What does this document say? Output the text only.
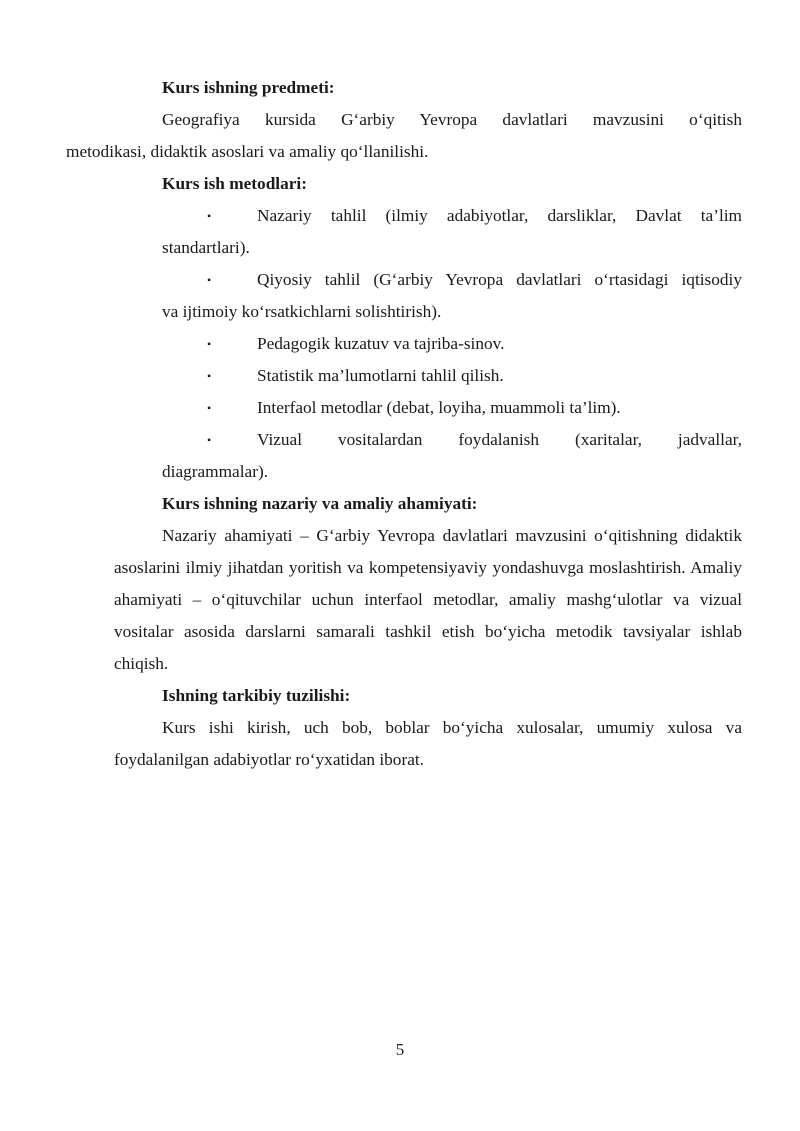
Kurs ishning predmeti:

Geografiya kursida G‘arbiy Yevropa davlatlari mavzusini o‘qitish
metodikasi, didaktik asoslari va amaliy qo‘llanilishi.

Kurs ish metodlari:

•	Nazariy tahlil (ilmiy adabiyotlar, darsliklar, Davlat ta’lim
standartlari).
•	Qiyosiy tahlil (G‘arbiy Yevropa davlatlari o‘rtasidagi iqtisodiy
va ijtimoiy ko‘rsatkichlarni solishtirish).
•	Pedagogik kuzatuv va tajriba-sinov.
•	Statistik ma’lumotlarni tahlil qilish.
•	Interfaol metodlar (debat, loyiha, muammoli ta’lim).
•	Vizual vositalardan foydalanish (xaritalar, jadvallar,
diagrammalar).

Kurs ishning nazariy va amaliy ahamiyati:

Nazariy ahamiyati – G‘arbiy Yevropa davlatlari mavzusini o‘qitishning didaktik asoslarini ilmiy jihatdan yoritish va kompetensiyaviy yondashuvga moslashtirish. Amaliy ahamiyati – o‘qituvchilar uchun interfaol metodlar, amaliy mashg‘ulotlar va vizual vositalar asosida darslarni samarali tashkil etish bo‘yicha metodik tavsiyalar ishlab chiqish.

Ishning tarkibiy tuzilishi:

Kurs ishi kirish, uch bob, boblar bo‘yicha xulosalar, umumiy xulosa va foydalanilgan adabiyotlar ro‘yxatidan iborat.

5
